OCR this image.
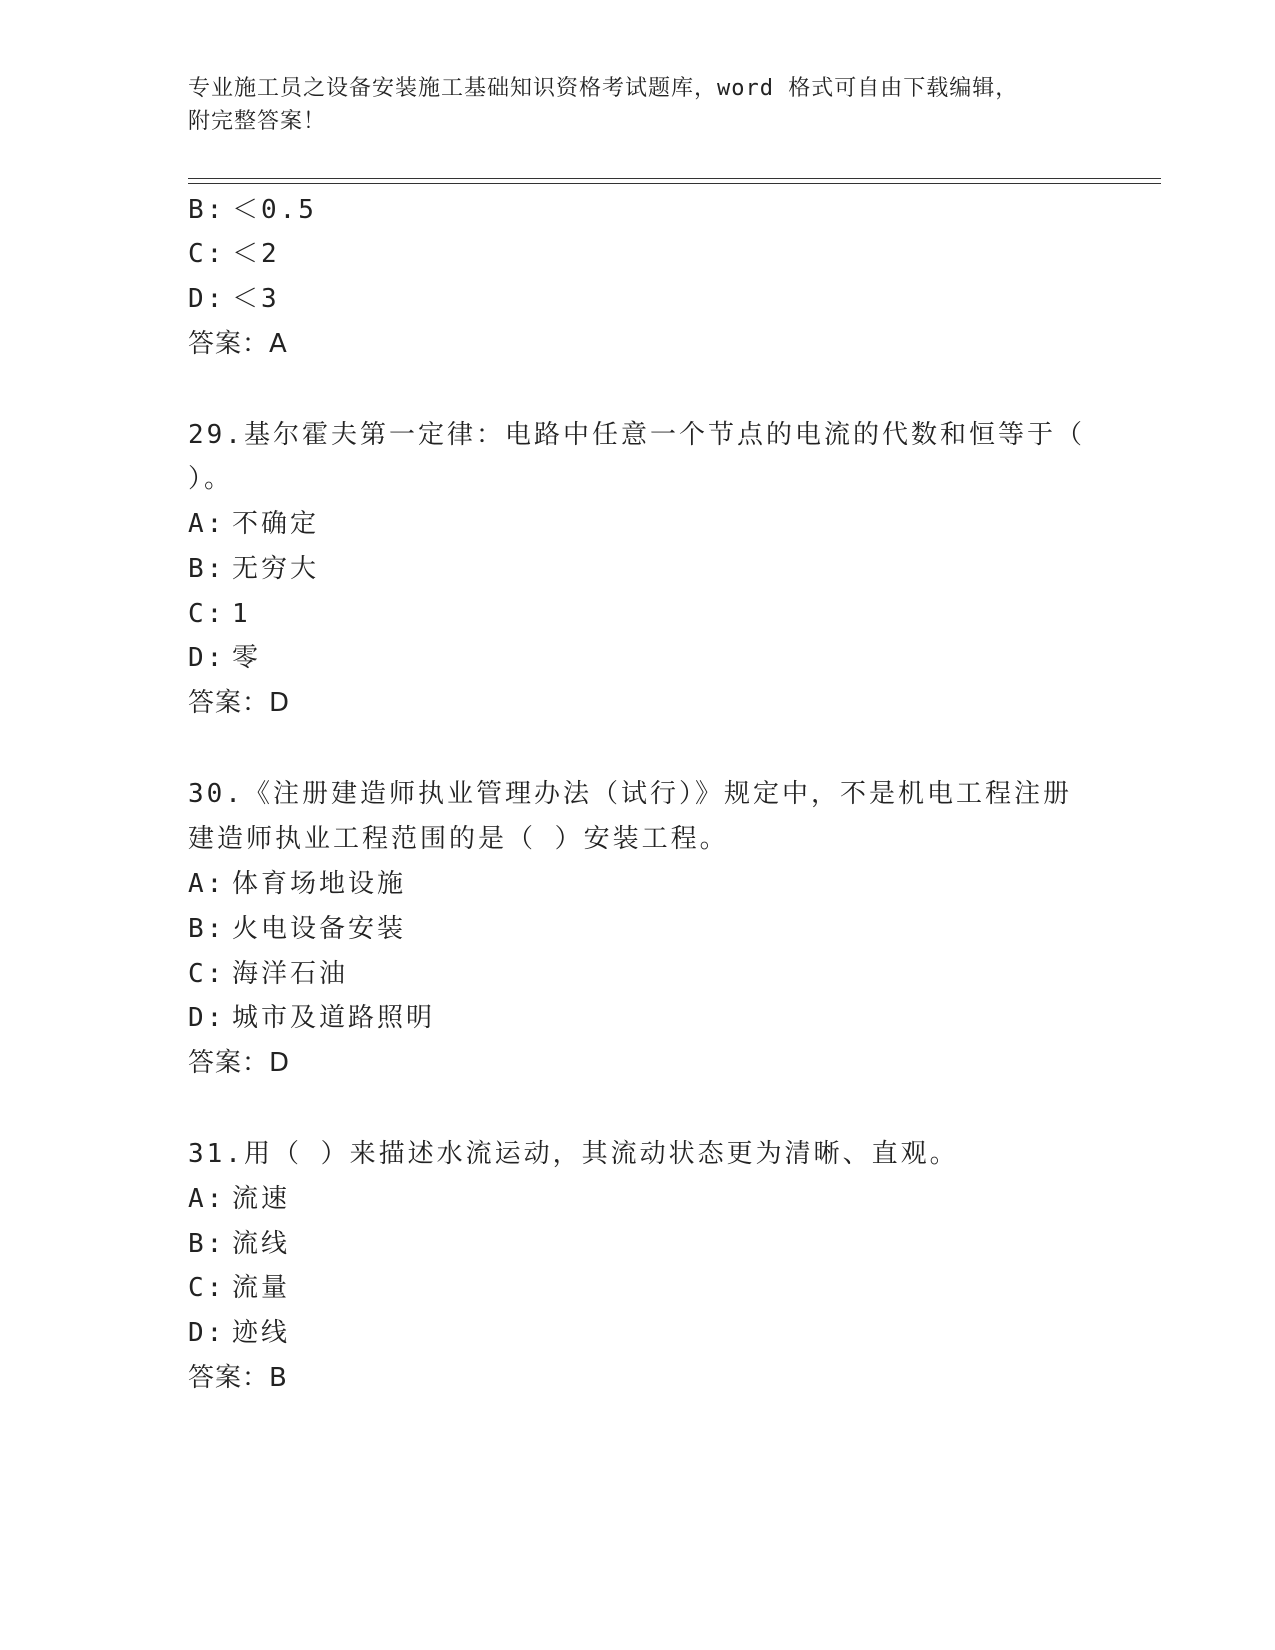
专业施工员之设备安装施工基础知识资格考试题库，word 格式可自由下载编辑，
附完整答案！
B: ＜0.5
C: ＜2
D: ＜3
答案：A
29.基尔霍夫第一定律：电路中任意一个节点的电流的代数和恒等于（
）。
A: 不确定
B: 无穷大
C: 1
D: 零
答案：D
30.《注册建造师执业管理办法（试行）》规定中，不是机电工程注册
建造师执业工程范围的是（ ）安装工程。
A: 体育场地设施
B: 火电设备安装
C: 海洋石油
D: 城市及道路照明
答案：D
31.用（ ）来描述水流运动，其流动状态更为清晰、直观。
A: 流速
B: 流线
C: 流量
D: 迹线
答案：B
